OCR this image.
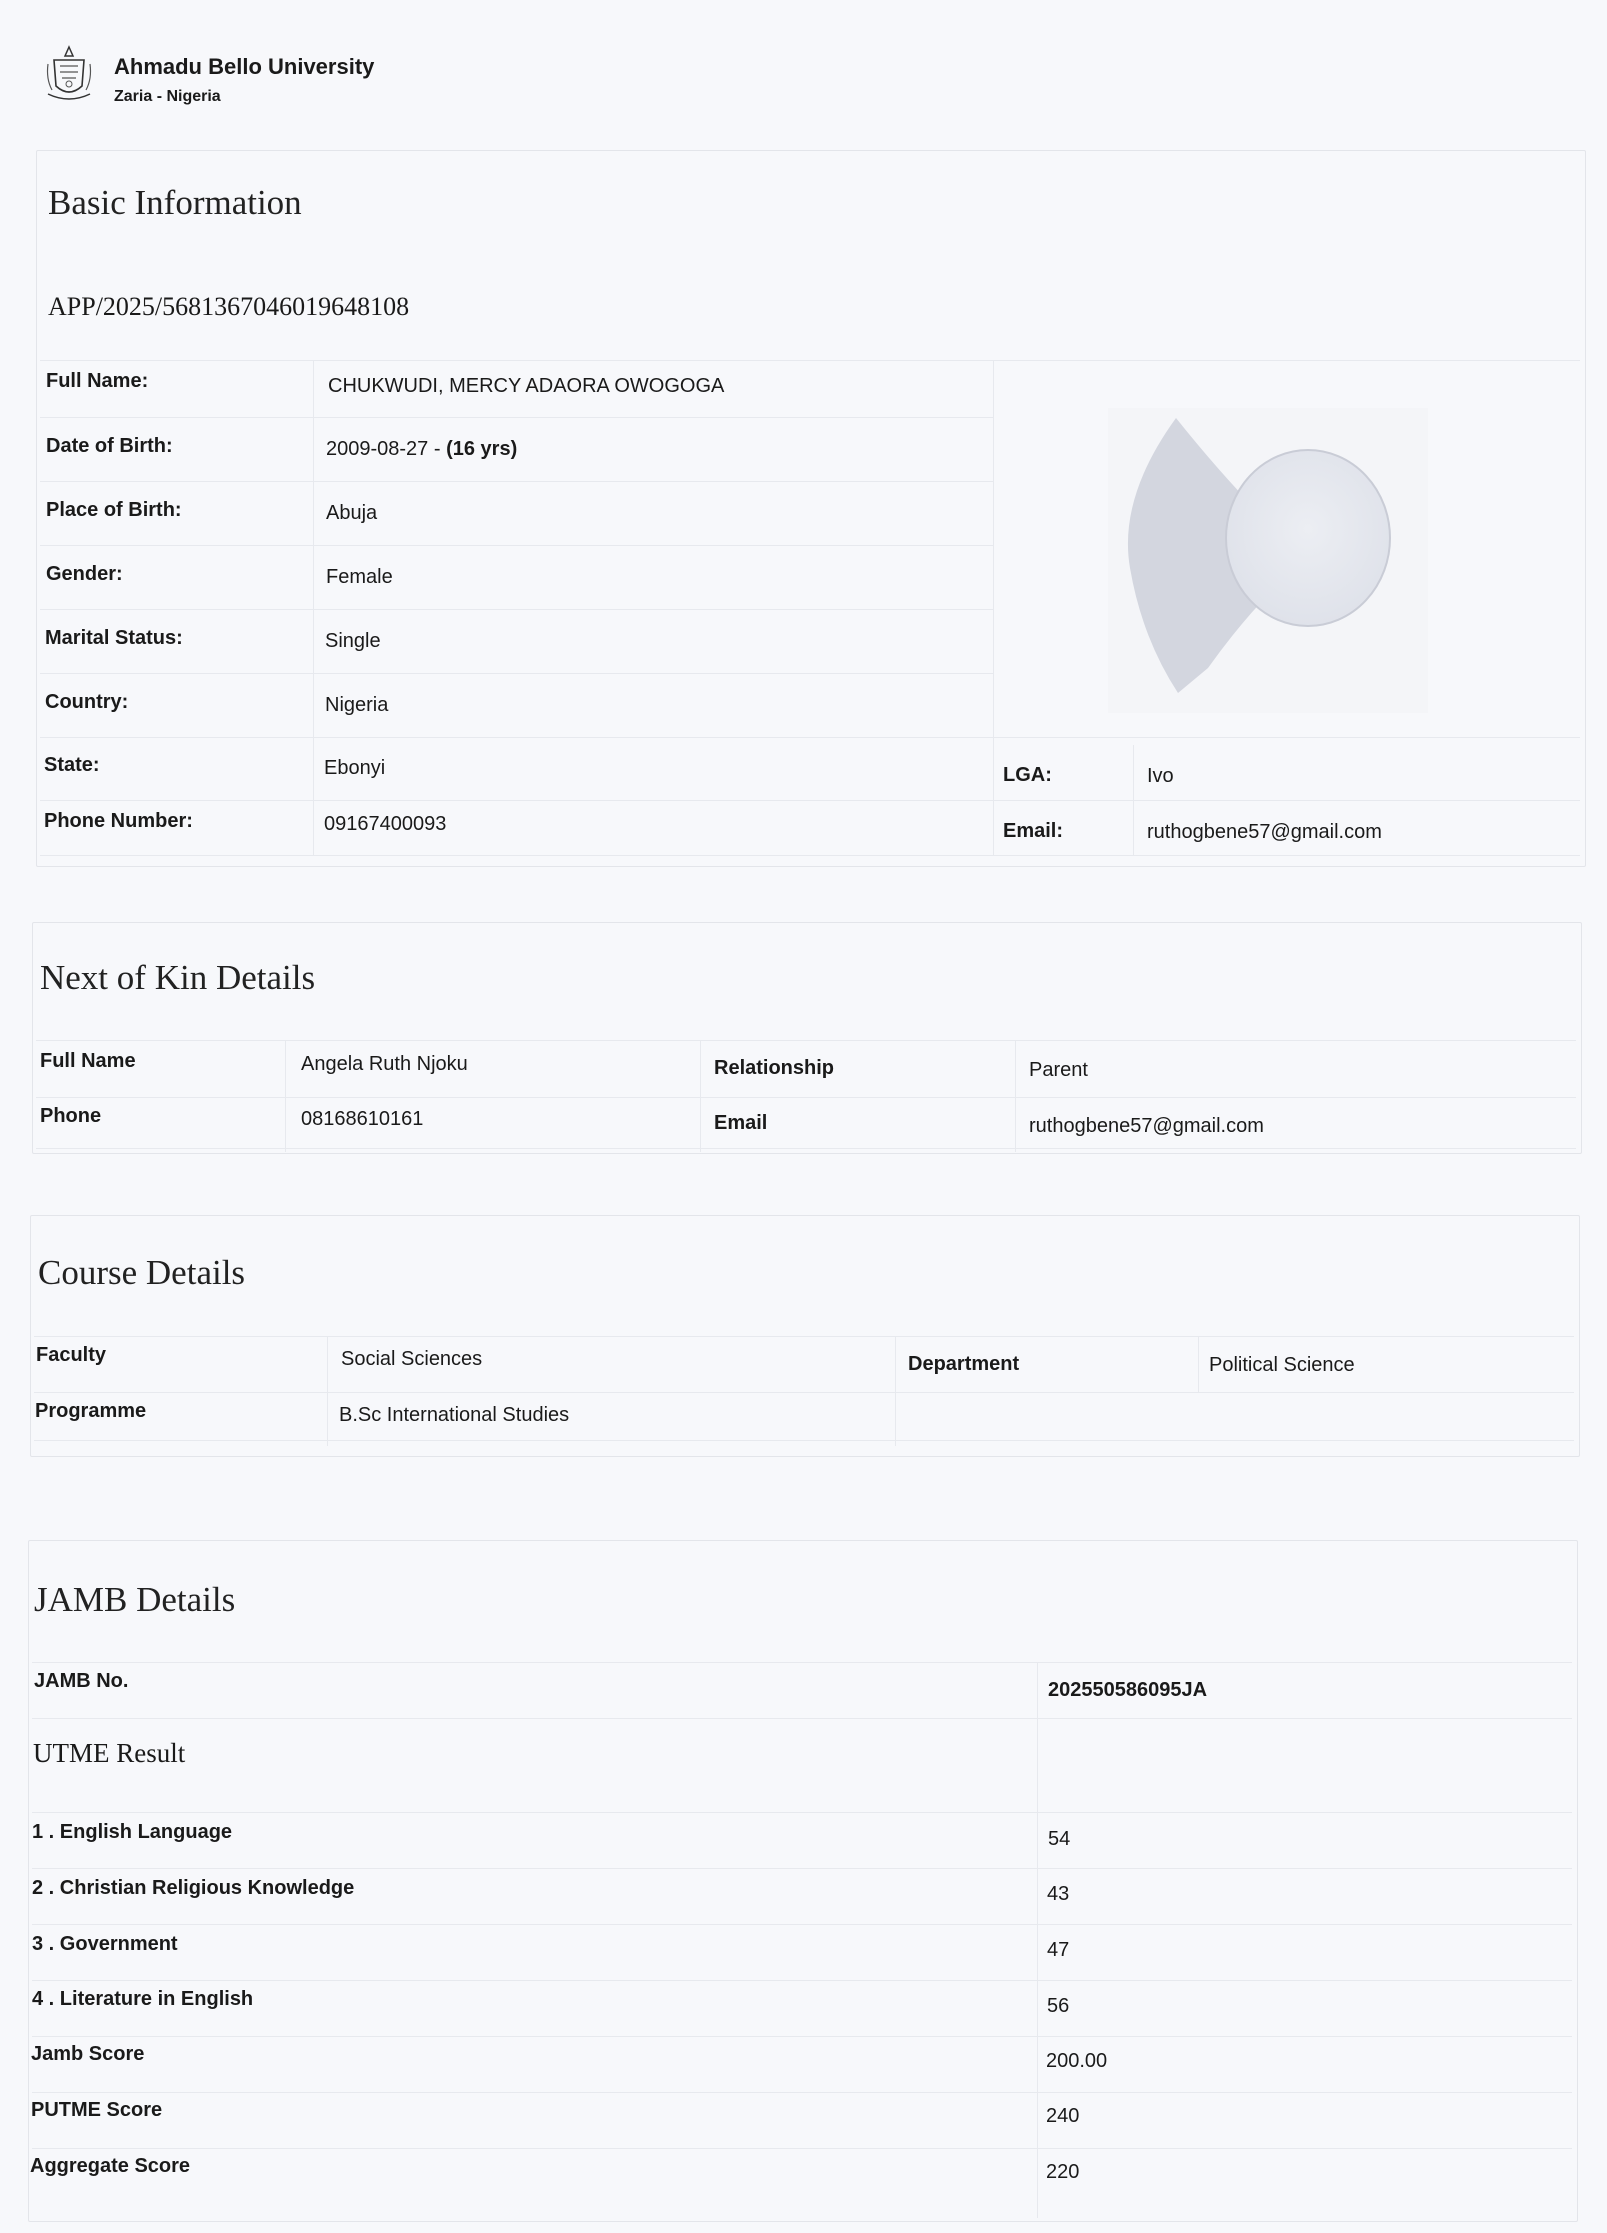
Ahmadu Bello University
Zaria - Nigeria
Basic Information
APP/2025/5681367046019648108
Full Name:	CHUKWUDI, MERCY ADAORA OWOGOGA
Date of Birth:	2009-08-27 - (16 yrs)
Place of Birth:	Abuja
Gender:	Female
Marital Status:	Single
Country:	Nigeria
State:	Ebonyi
Phone Number:	09167400093
LGA:	Ivo
Email:	ruthogbene57@gmail.com
Next of Kin Details
Full Name	Angela Ruth Njoku	Relationship	Parent
Phone	08168610161	Email	ruthogbene57@gmail.com
Course Details
Faculty	Social Sciences	Department	Political Science
Programme	B.Sc International Studies
JAMB Details
JAMB No.	202550586095JA
UTME Result
1 . English Language	54
2 . Christian Religious Knowledge	43
3 . Government	47
4 . Literature in English	56
Jamb Score	200.00
PUTME Score	240
Aggregate Score	220
